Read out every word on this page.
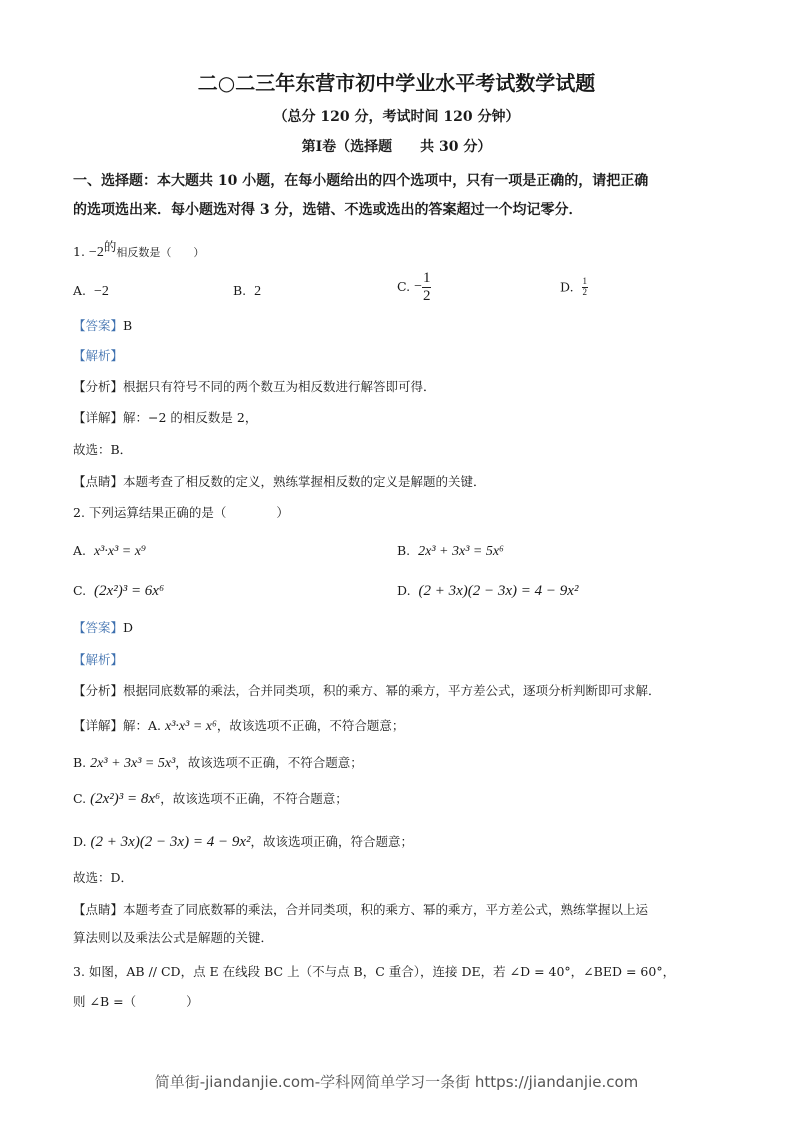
二○二三年东营市初中学业水平考试数学试题
（总分 120 分，考试时间 120 分钟）
第Ⅰ卷（选择题　　共 30 分）
一、选择题：本大题共 10 小题，在每小题给出的四个选项中，只有一项是正确的，请把正确
的选项选出来．每小题选对得 3 分，选错、不选或选出的答案超过一个均记零分．
1. −2的相反数是（　　）
A. −2	B. 2	C. − $\frac{1}{2}$	D. $\frac{1}{2}$
【答案】B
【解析】
【分析】根据只有符号不同的两个数互为相反数进行解答即可得．
【详解】解：−2 的相反数是 2，
故选：B．
【点睛】本题考查了相反数的定义，熟练掌握相反数的定义是解题的关键．
2. 下列运算结果正确的是（　　　　）
A. x³·x³ = x⁹	B. 2x³ + 3x³ = 5x⁶
C. (2x²)³ = 6x⁶	D. (2 + 3x)(2 − 3x) = 4 − 9x²
【答案】D
【解析】
【分析】根据同底数幂的乘法，合并同类项，积的乘方、幂的乘方，平方差公式，逐项分析判断即可求解．
【详解】解：A. x³·x³ = x⁶，故该选项不正确，不符合题意；
B. 2x³ + 3x³ = 5x³，故该选项不正确，不符合题意；
C. (2x²)³ = 8x⁶，故该选项不正确，不符合题意；
D. (2 + 3x)(2 − 3x) = 4 − 9x²，故该选项正确，符合题意；
故选：D．
【点睛】本题考查了同底数幂的乘法，合并同类项，积的乘方、幂的乘方，平方差公式，熟练掌握以上运
算法则以及乘法公式是解题的关键．
3. 如图，AB // CD，点 E 在线段 BC 上（不与点 B，C 重合），连接 DE，若 ∠D = 40°，∠BED = 60°，
则 ∠B =（　　　　）
简单街-jiandanjie.com-学科网简单学习一条街 https://jiandanjie.com
